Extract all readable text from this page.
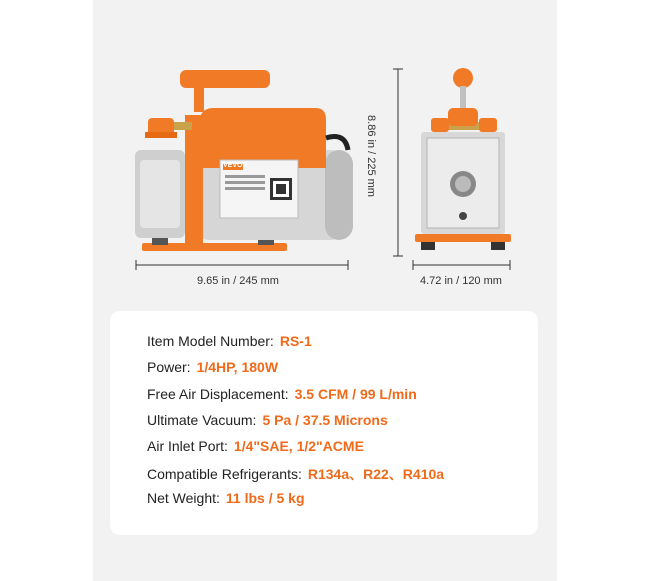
VEVOR
9.65 in / 245 mm
8.86 in / 225 mm
4.72 in / 120 mm
Item Model Number: RS-1
Power: 1/4HP, 180W
Free Air Displacement: 3.5 CFM / 99 L/min
Ultimate Vacuum: 5 Pa / 37.5 Microns
Air Inlet Port: 1/4"SAE, 1/2"ACME
Compatible Refrigerants: R134a、R22、R410a
Net Weight: 11 lbs / 5 kg
